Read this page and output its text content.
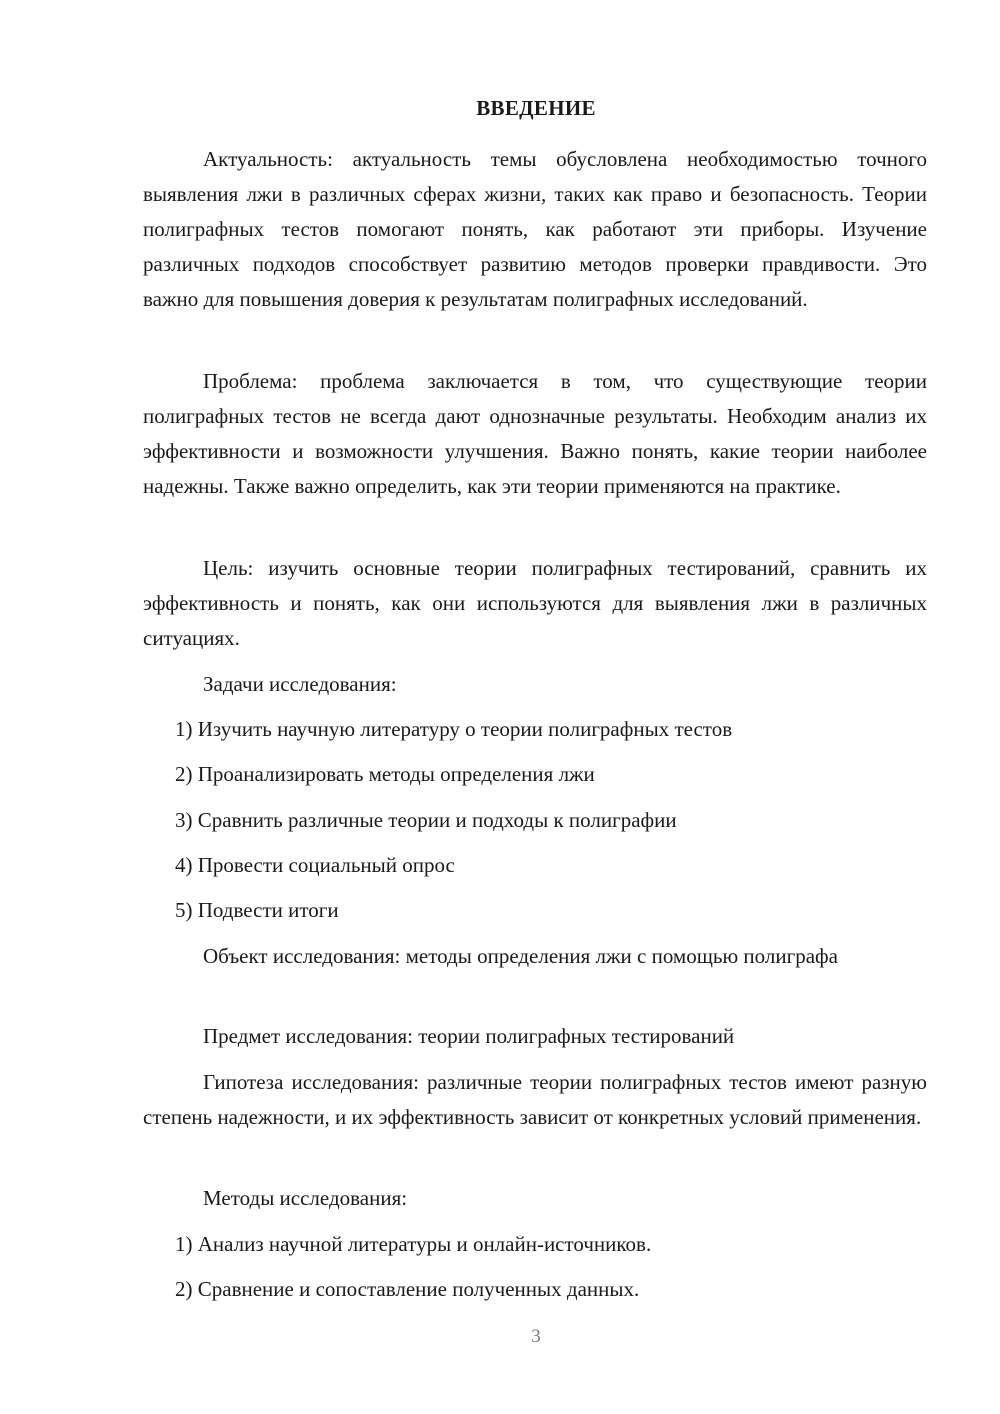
ВВЕДЕНИЕ

Актуальность: актуальность темы обусловлена необходимостью точного выявления лжи в различных сферах жизни, таких как право и безопасность. Теории полиграфных тестов помогают понять, как работают эти приборы. Изучение различных подходов способствует развитию методов проверки правдивости. Это важно для повышения доверия к результатам полиграфных исследований.

Проблема: проблема заключается в том, что существующие теории полиграфных тестов не всегда дают однозначные результаты. Необходим анализ их эффективности и возможности улучшения. Важно понять, какие теории наиболее надежны. Также важно определить, как эти теории применяются на практике.

Цель: изучить основные теории полиграфных тестирований, сравнить их эффективность и понять, как они используются для выявления лжи в различных ситуациях.

Задачи исследования:

1) Изучить научную литературу о теории полиграфных тестов

2) Проанализировать методы определения лжи

3) Сравнить различные теории и подходы к полиграфии

4) Провести социальный опрос

5) Подвести итоги

Объект исследования: методы определения лжи с помощью полиграфа

Предмет исследования: теории полиграфных тестирований

Гипотеза исследования: различные теории полиграфных тестов имеют разную степень надежности, и их эффективность зависит от конкретных условий применения.

Методы исследования:

1) Анализ научной литературы и онлайн-источников.

2) Сравнение и сопоставление полученных данных.

3
